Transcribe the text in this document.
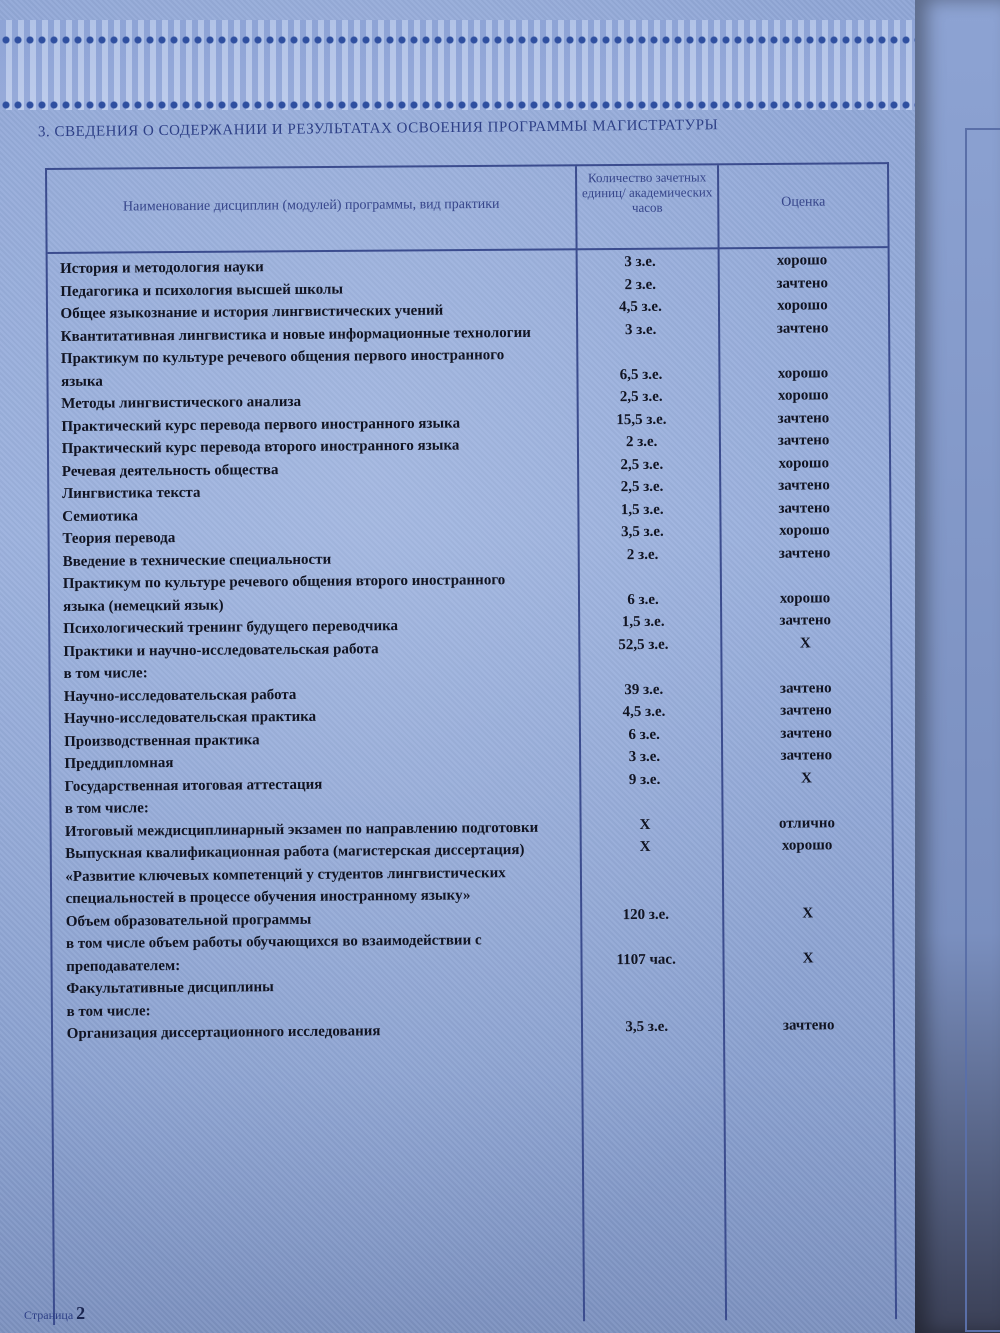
3. СВЕДЕНИЯ О СОДЕРЖАНИИ И РЕЗУЛЬТАТАХ ОСВОЕНИЯ ПРОГРАММЫ МАГИСТРАТУРЫ
Наименование дисциплин (модулей) программы, вид практики
Количество зачетных единиц/ академических часов	Оценка
История и методология науки	3 з.е.	хорошо
Педагогика и психология высшей школы	2 з.е.	зачтено
Общее языкознание и история лингвистических учений	4,5 з.е.	хорошо
Квантитативная лингвистика и новые информационные технологии	3 з.е.	зачтено
Практикум по культуре речевого общения первого иностранного языка	6,5 з.е.	хорошо
Методы лингвистического анализа	2,5 з.е.	хорошо
Практический курс перевода первого иностранного языка	15,5 з.е.	зачтено
Практический курс перевода второго иностранного языка	2 з.е.	зачтено
Речевая деятельность общества	2,5 з.е.	хорошо
Лингвистика текста	2,5 з.е.	зачтено
Семиотика	1,5 з.е.	зачтено
Теория перевода	3,5 з.е.	хорошо
Введение в технические специальности	2 з.е.	зачтено
Практикум по культуре речевого общения второго иностранного языка (немецкий язык)	6 з.е.	хорошо
Психологический тренинг будущего переводчика	1,5 з.е.	зачтено
Практики и научно-исследовательская работа	52,5 з.е.	X
в том числе:
Научно-исследовательская работа	39 з.е.	зачтено
Научно-исследовательская практика	4,5 з.е.	зачтено
Производственная практика	6 з.е.	зачтено
Преддипломная	3 з.е.	зачтено
Государственная итоговая аттестация	9 з.е.	X
в том числе:
Итоговый междисциплинарный экзамен по направлению подготовки	X	отлично
Выпускная квалификационная работа (магистерская диссертация)	X	хорошо
«Развитие ключевых компетенций у студентов лингвистических специальностей в процессе обучения иностранному языку»
Объем образовательной программы	120 з.е.	X
в том числе объем работы обучающихся во взаимодействии с преподавателем:	1107 час.	X
Факультативные дисциплины
в том числе:
Организация диссертационного исследования	3,5 з.е.	зачтено
Страница 2
